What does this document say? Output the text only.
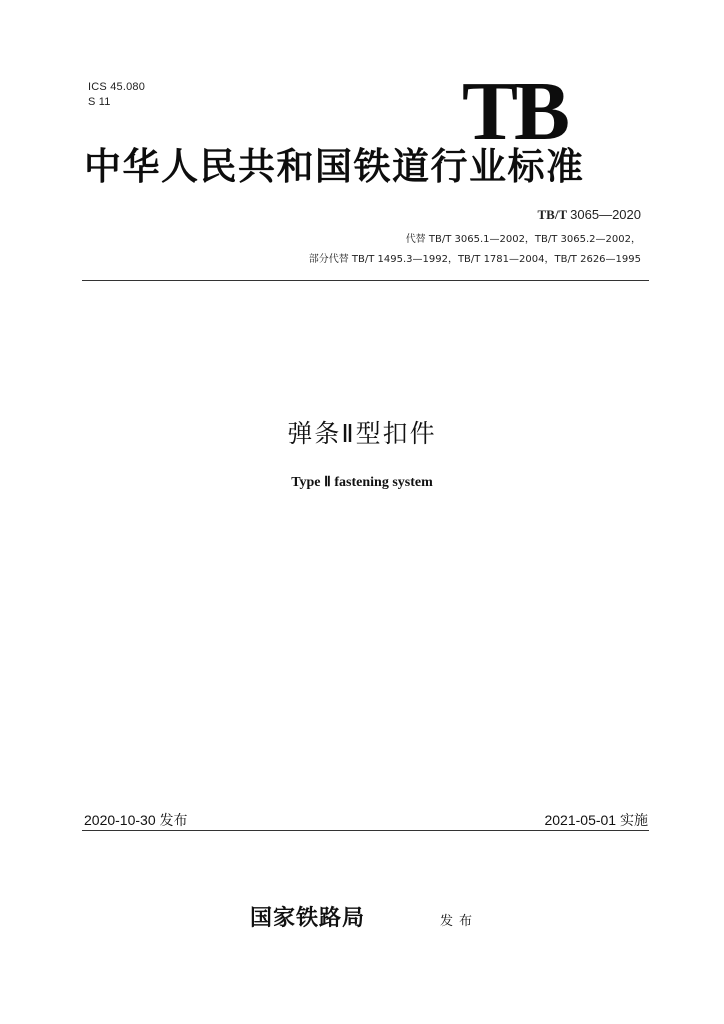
ICS 45.080
S 11	TB
中华人民共和国铁道行业标准
TB/T 3065—2020
代替 TB/T 3065.1—2002，TB/T 3065.2—2002，
部分代替 TB/T 1495.3—1992，TB/T 1781—2004，TB/T 2626—1995
弹条Ⅱ型扣件
Type Ⅱ fastening system
2020-10-30 发布	2021-05-01 实施
国家铁路局	发布
